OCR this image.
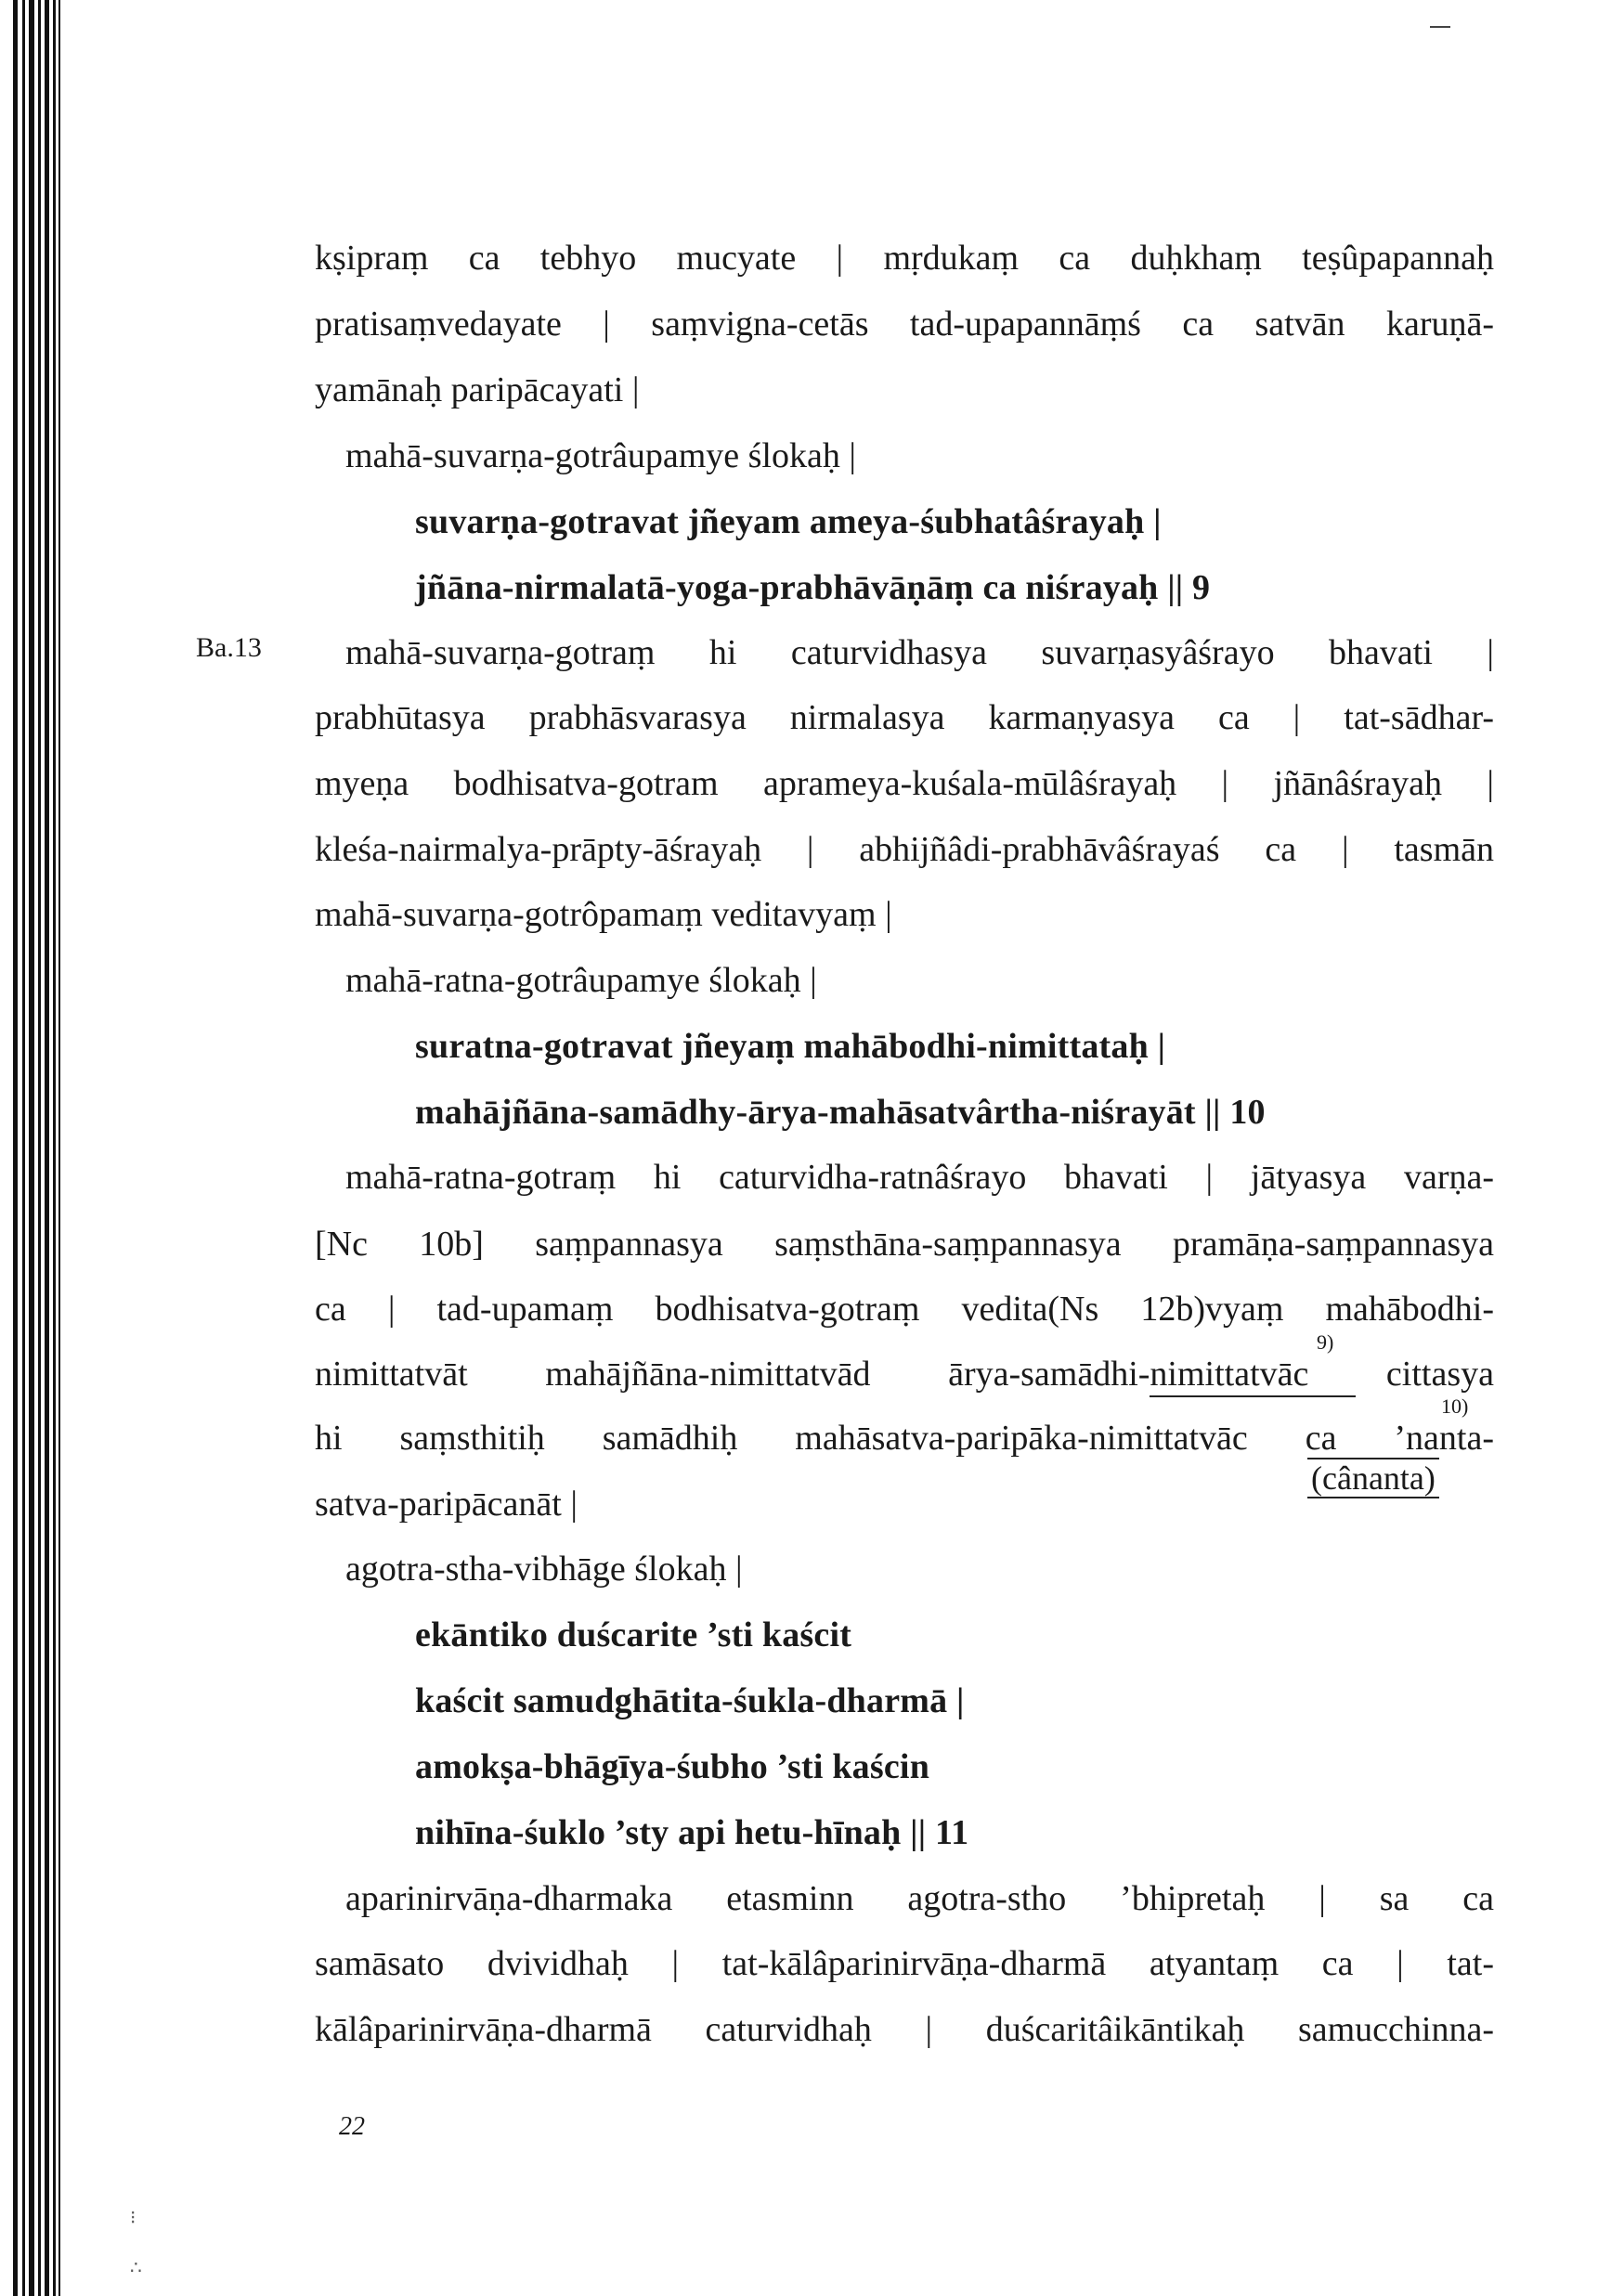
kṣipraṃ ca tebhyo mucyate | mṛdukaṃ ca duḥkhaṃ teṣûpapannaḥ
pratisaṃvedayate | saṃvigna-cetās tad-upapannāṃś ca satvān karuṇā-
yamānaḥ paripācayati |
mahā-suvarṇa-gotrâupamye ślokaḥ |
suvarṇa-gotravat jñeyam ameya-śubhatâśrayaḥ |
jñāna-nirmalatā-yoga-prabhāvāṇāṃ ca niśrayaḥ || 9
Ba.13 mahā-suvarṇa-gotraṃ hi caturvidhasya suvarṇasyâśrayo bhavati |
prabhūtasya prabhāsvarasya nirmalasya karmaṇyasya ca | tat-sādhar-
myeṇa bodhisatva-gotram aprameya-kuśala-mūlâśrayaḥ | jñānâśrayaḥ |
kleśa-nairmalya-prāpty-āśrayaḥ | abhijñâdi-prabhāvâśrayaś ca | tasmān
mahā-suvarṇa-gotrôpamaṃ veditavyaṃ |
mahā-ratna-gotrâupamye ślokaḥ |
suratna-gotravat jñeyaṃ mahābodhi-nimittataḥ |
mahājñāna-samādhy-ārya-mahāsatvârtha-niśrayāt || 10
mahā-ratna-gotraṃ hi caturvidha-ratnâśrayo bhavati | jātyasya varṇa-
[Nc 10b] saṃpannasya saṃsthāna-saṃpannasya pramāṇa-saṃpannasya
ca | tad-upamaṃ bodhisatva-gotraṃ vedita(Ns 12b)vyaṃ mahābodhi-
9)
nimittatvāt mahājñāna-nimittatvād ārya-samādhi-nimittatvāc cittasya
10)
hi saṃsthitiḥ samādhiḥ mahāsatva-paripāka-nimittatvāc ca ’nanta-
(cânanta)
satva-paripācanāt |
agotra-stha-vibhāge ślokaḥ |
ekāntiko duścarite ’sti kaścit
kaścit samudghātita-śukla-dharmā |
amokṣa-bhāgīya-śubho ’sti kaścin
nihīna-śuklo ’sty api hetu-hīnaḥ || 11
aparinirvāṇa-dharmaka etasminn agotra-stho ’bhipretaḥ | sa ca
samāsato dvividhaḥ | tat-kālâparinirvāṇa-dharmā atyantaṃ ca | tat-
kālâparinirvāṇa-dharmā caturvidhaḥ | duścaritâikāntikaḥ samucchinna-
22
⁝
∴
